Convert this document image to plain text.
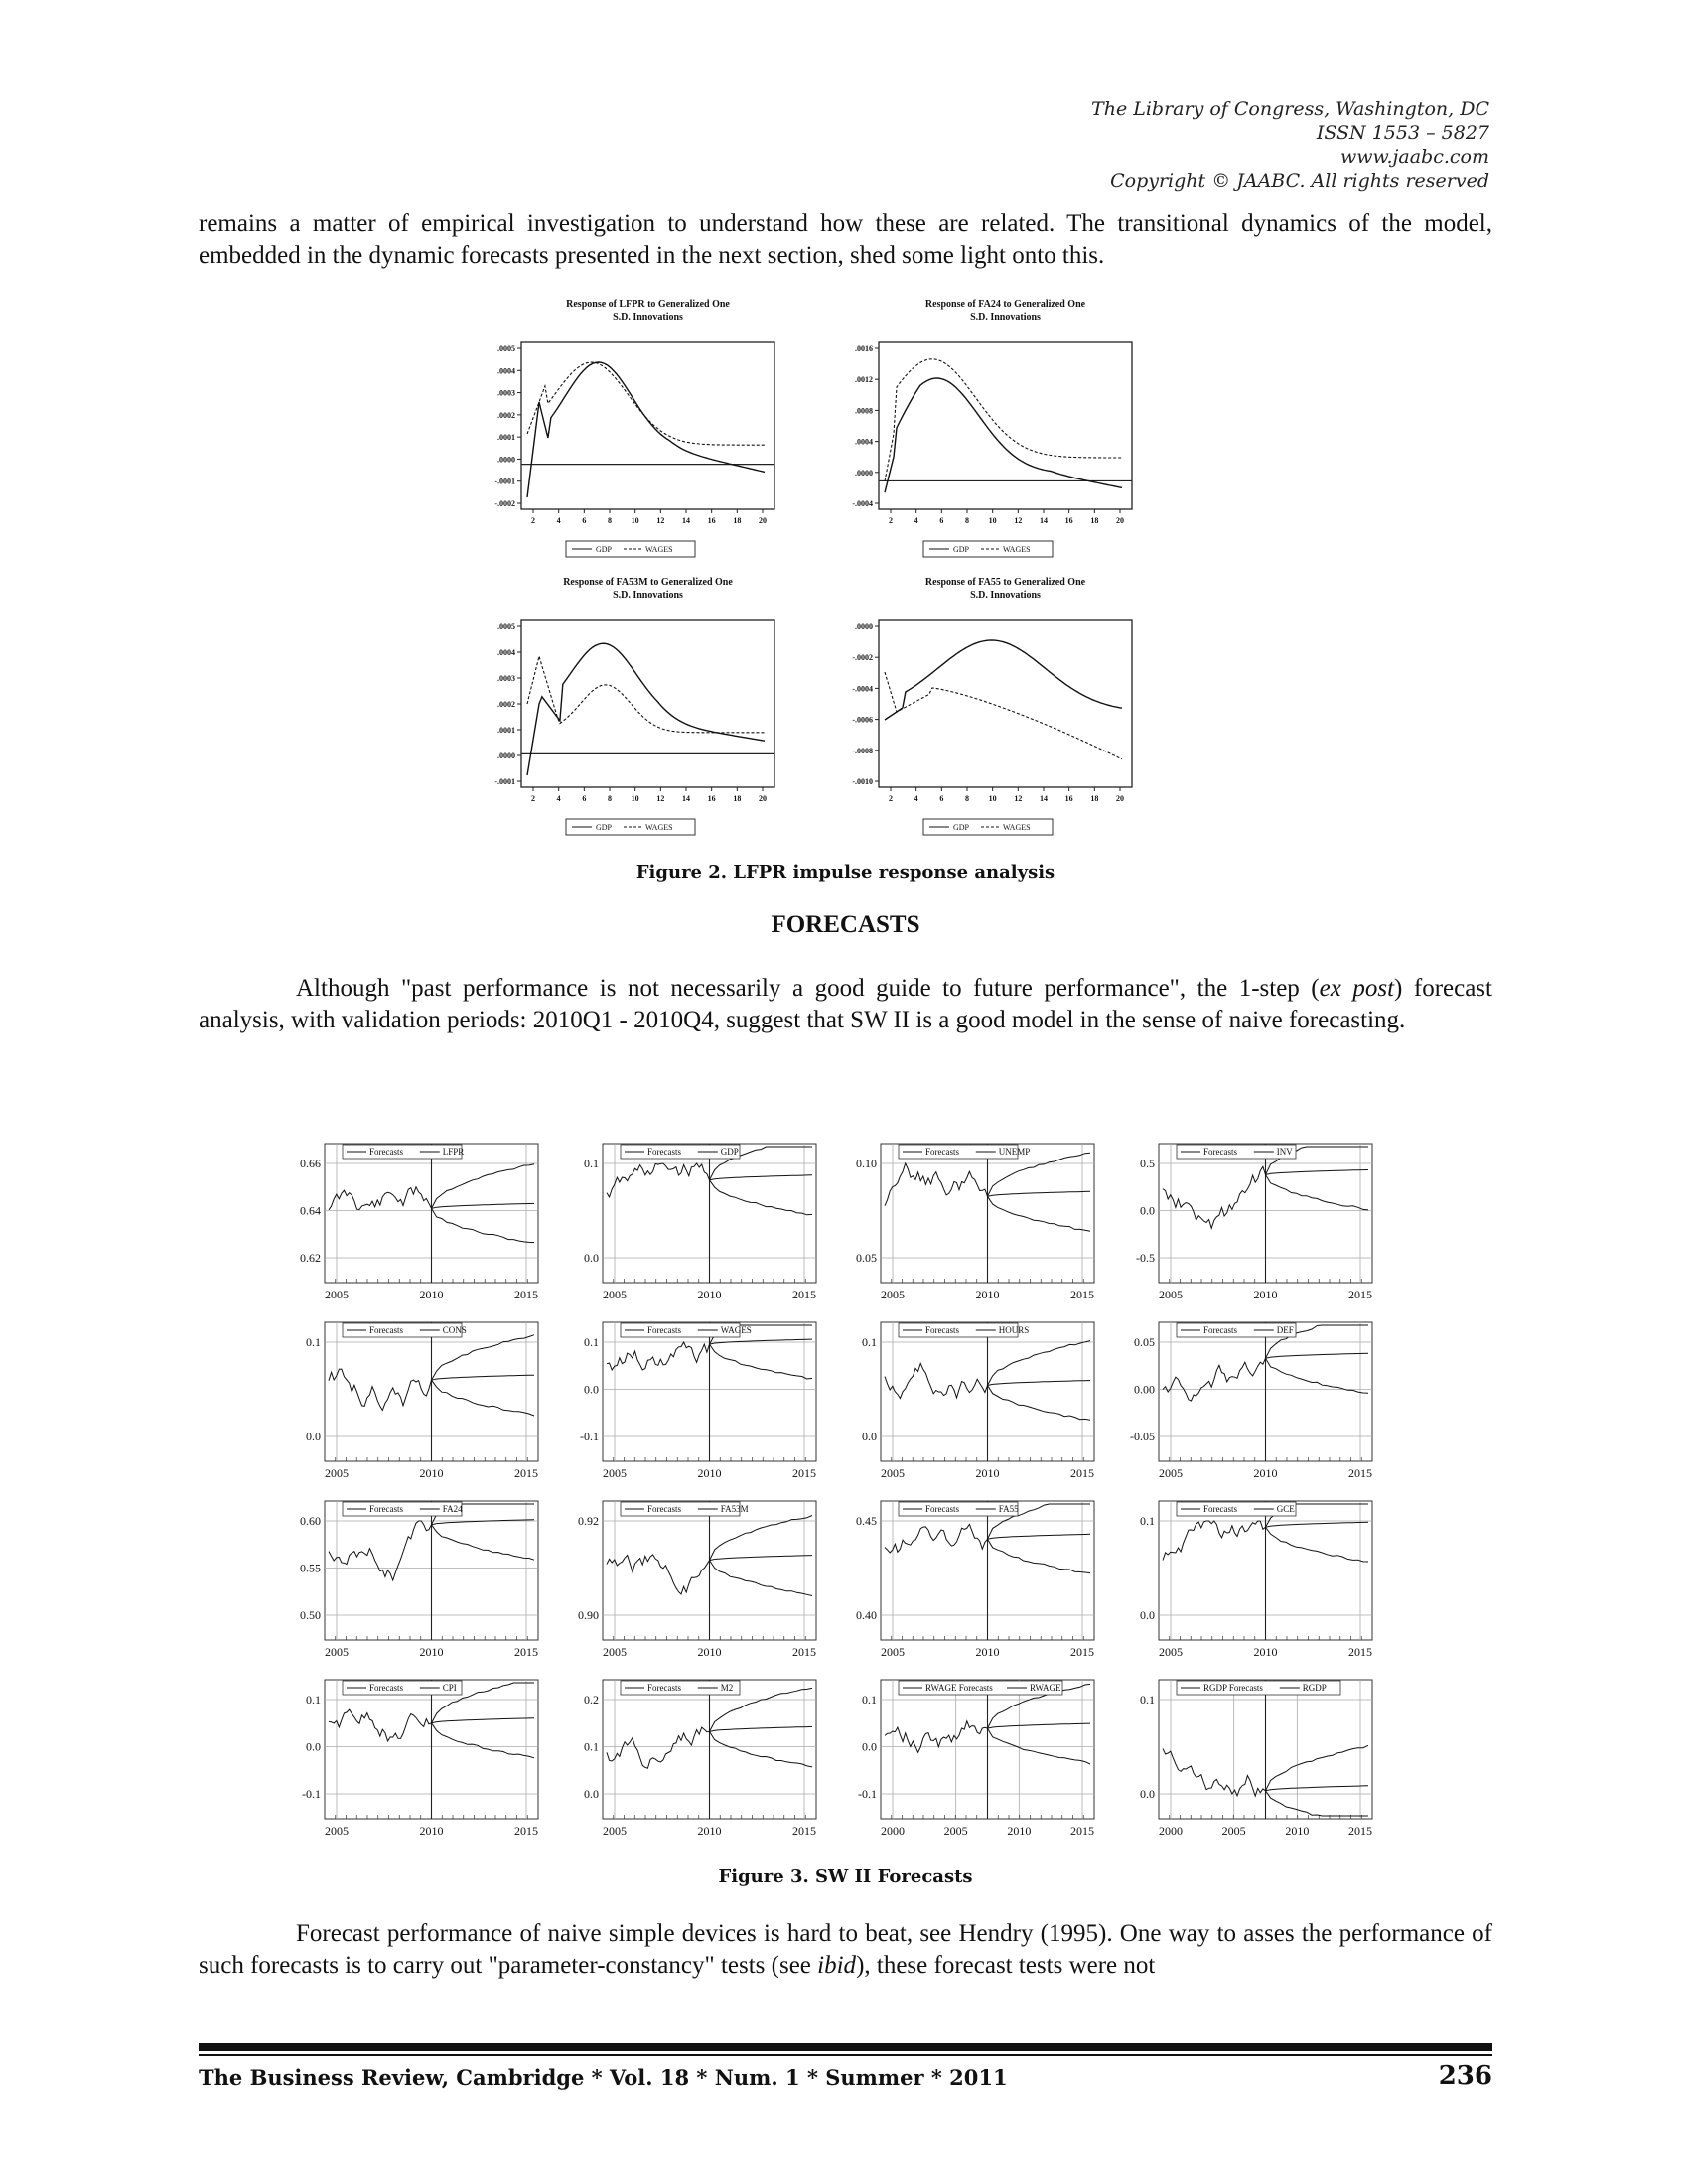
The Library of Congress, Washington, DC
ISSN 1553 – 5827
www.jaabc.com
Copyright © JAABC. All rights reserved
remains a matter of empirical investigation to understand how these are related. The transitional dynamics of the model, embedded in the dynamic forecasts presented in the next section, shed some light onto this.
Response of LFPR to Generalized One
S.D. Innovations
.0005
.0004
.0003
.0002
.0001
.0000
-.0001
-.0002
2	4	6	8 10 12 14 16 18 20
GDP	WAGES
Response of FA24 to Generalized One
S.D. Innovations
.0016
.0012
.0008
.0004
.0000
-.0004
2	4	6	8 10 12 14 16 18 20
GDP	WAGES
Response of FA53M to Generalized One
S.D. Innovations
.0005
.0004
.0003
.0002
.0001
.0000
-.0001
2	4	6	8 10 12 14 16 18 20
GDP	WAGES
Response of FA55 to Generalized One
S.D. Innovations
.0000
-.0002
-.0004
-.0006
-.0008
-.0010
2	4	6	8 10 12 14 16 18 20
GDP	WAGES
Figure 2. LFPR impulse response analysis
FORECASTS
Although "past performance is not necessarily a good guide to future performance", the 1-step (ex post) forecast analysis, with validation periods: 2010Q1 - 2010Q4, suggest that SW II is a good model in the sense of naive forecasting.
2005	2010	2015
0.66
0.64
0.62
Forecasts	LFPR
2005	2010	2015
0.1
0.0
Forecasts	GDP
2005	2010	2015
0.10
0.05
Forecasts	UNEMP
2005	2010	2015
0.5
0.0
-0.5
Forecasts	INV
2005	2010	2015
0.1
0.0
Forecasts	CONS
2005	2010	2015
0.1
0.0
-0.1
Forecasts	WAGES
2005	2010	2015
0.1
0.0
Forecasts	HOURS
2005	2010	2015
0.05
0.00
-0.05
Forecasts	DEF
2005	2010	2015
0.60
0.55
0.50
Forecasts	FA24
2005	2010	2015
0.92
0.90
Forecasts	FA53M
2005	2010	2015
0.45
0.40
Forecasts	FA55
2005	2010	2015
0.1
0.0
Forecasts	GCE
2005	2010	2015
0.1
0.0
-0.1
Forecasts	CPI
2005	2010	2015
0.2
0.1
0.0
Forecasts	M2
2000	2005	2010	2015
0.1
0.0
-0.1
RWAGE Forecasts	RWAGE
2000	2005	2010	2015
0.1
0.0
RGDP Forecasts	RGDP
Figure 3. SW II Forecasts
Forecast performance of naive simple devices is hard to beat, see Hendry (1995). One way to asses the performance of such forecasts is to carry out "parameter-constancy" tests (see ibid), these forecast tests were not
The Business Review, Cambridge * Vol. 18 * Num. 1 * Summer * 2011	236
